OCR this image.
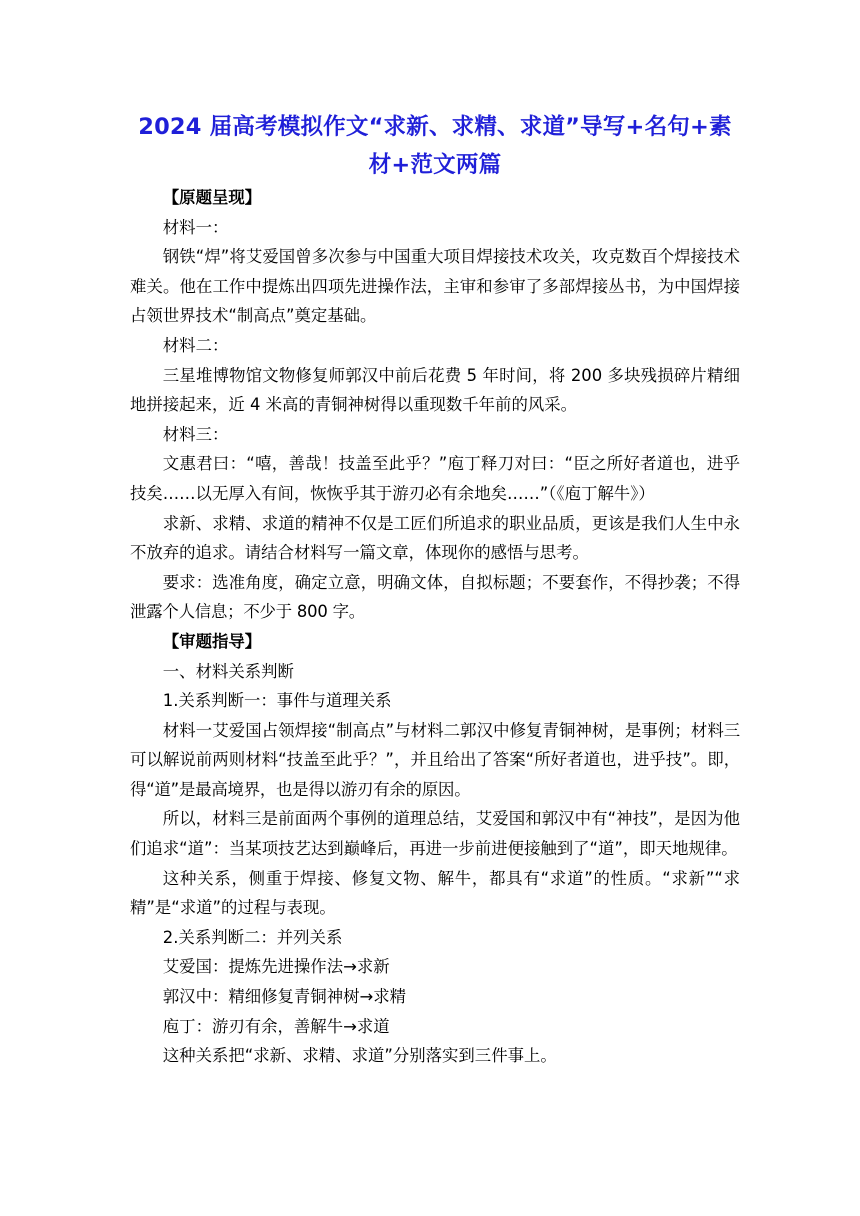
2024 届高考模拟作文“求新、求精、求道”导写+名句+素材+范文两篇

【原题呈现】

材料一：

钢铁“焊”将艾爱国曾多次参与中国重大项目焊接技术攻关，攻克数百个焊接技术难关。他在工作中提炼出四项先进操作法，主审和参审了多部焊接丛书，为中国焊接占领世界技术“制高点”奠定基础。

材料二：

三星堆博物馆文物修复师郭汉中前后花费 5 年时间，将 200 多块残损碎片精细地拼接起来，近 4 米高的青铜神树得以重现数千年前的风采。

材料三：

文惠君曰：“嘻，善哉！技盖至此乎？”庖丁释刀对曰：“臣之所好者道也，进乎技矣……以无厚入有间，恢恢乎其于游刃必有余地矣……”（《庖丁解牛》）

求新、求精、求道的精神不仅是工匠们所追求的职业品质，更该是我们人生中永不放弃的追求。请结合材料写一篇文章，体现你的感悟与思考。

要求：选准角度，确定立意，明确文体，自拟标题；不要套作，不得抄袭；不得泄露个人信息；不少于 800 字。

【审题指导】

一、材料关系判断

1.关系判断一：事件与道理关系

材料一艾爱国占领焊接“制高点”与材料二郭汉中修复青铜神树，是事例；材料三可以解说前两则材料“技盖至此乎？”，并且给出了答案“所好者道也，进乎技”。即，得“道”是最高境界，也是得以游刃有余的原因。

所以，材料三是前面两个事例的道理总结，艾爱国和郭汉中有“神技”，是因为他们追求“道”：当某项技艺达到巅峰后，再进一步前进便接触到了“道”，即天地规律。

这种关系，侧重于焊接、修复文物、解牛，都具有“求道”的性质。“求新”“求精”是“求道”的过程与表现。

2.关系判断二：并列关系

艾爱国：提炼先进操作法→求新

郭汉中：精细修复青铜神树→求精

庖丁：游刃有余，善解牛→求道

这种关系把“求新、求精、求道”分别落实到三件事上。
